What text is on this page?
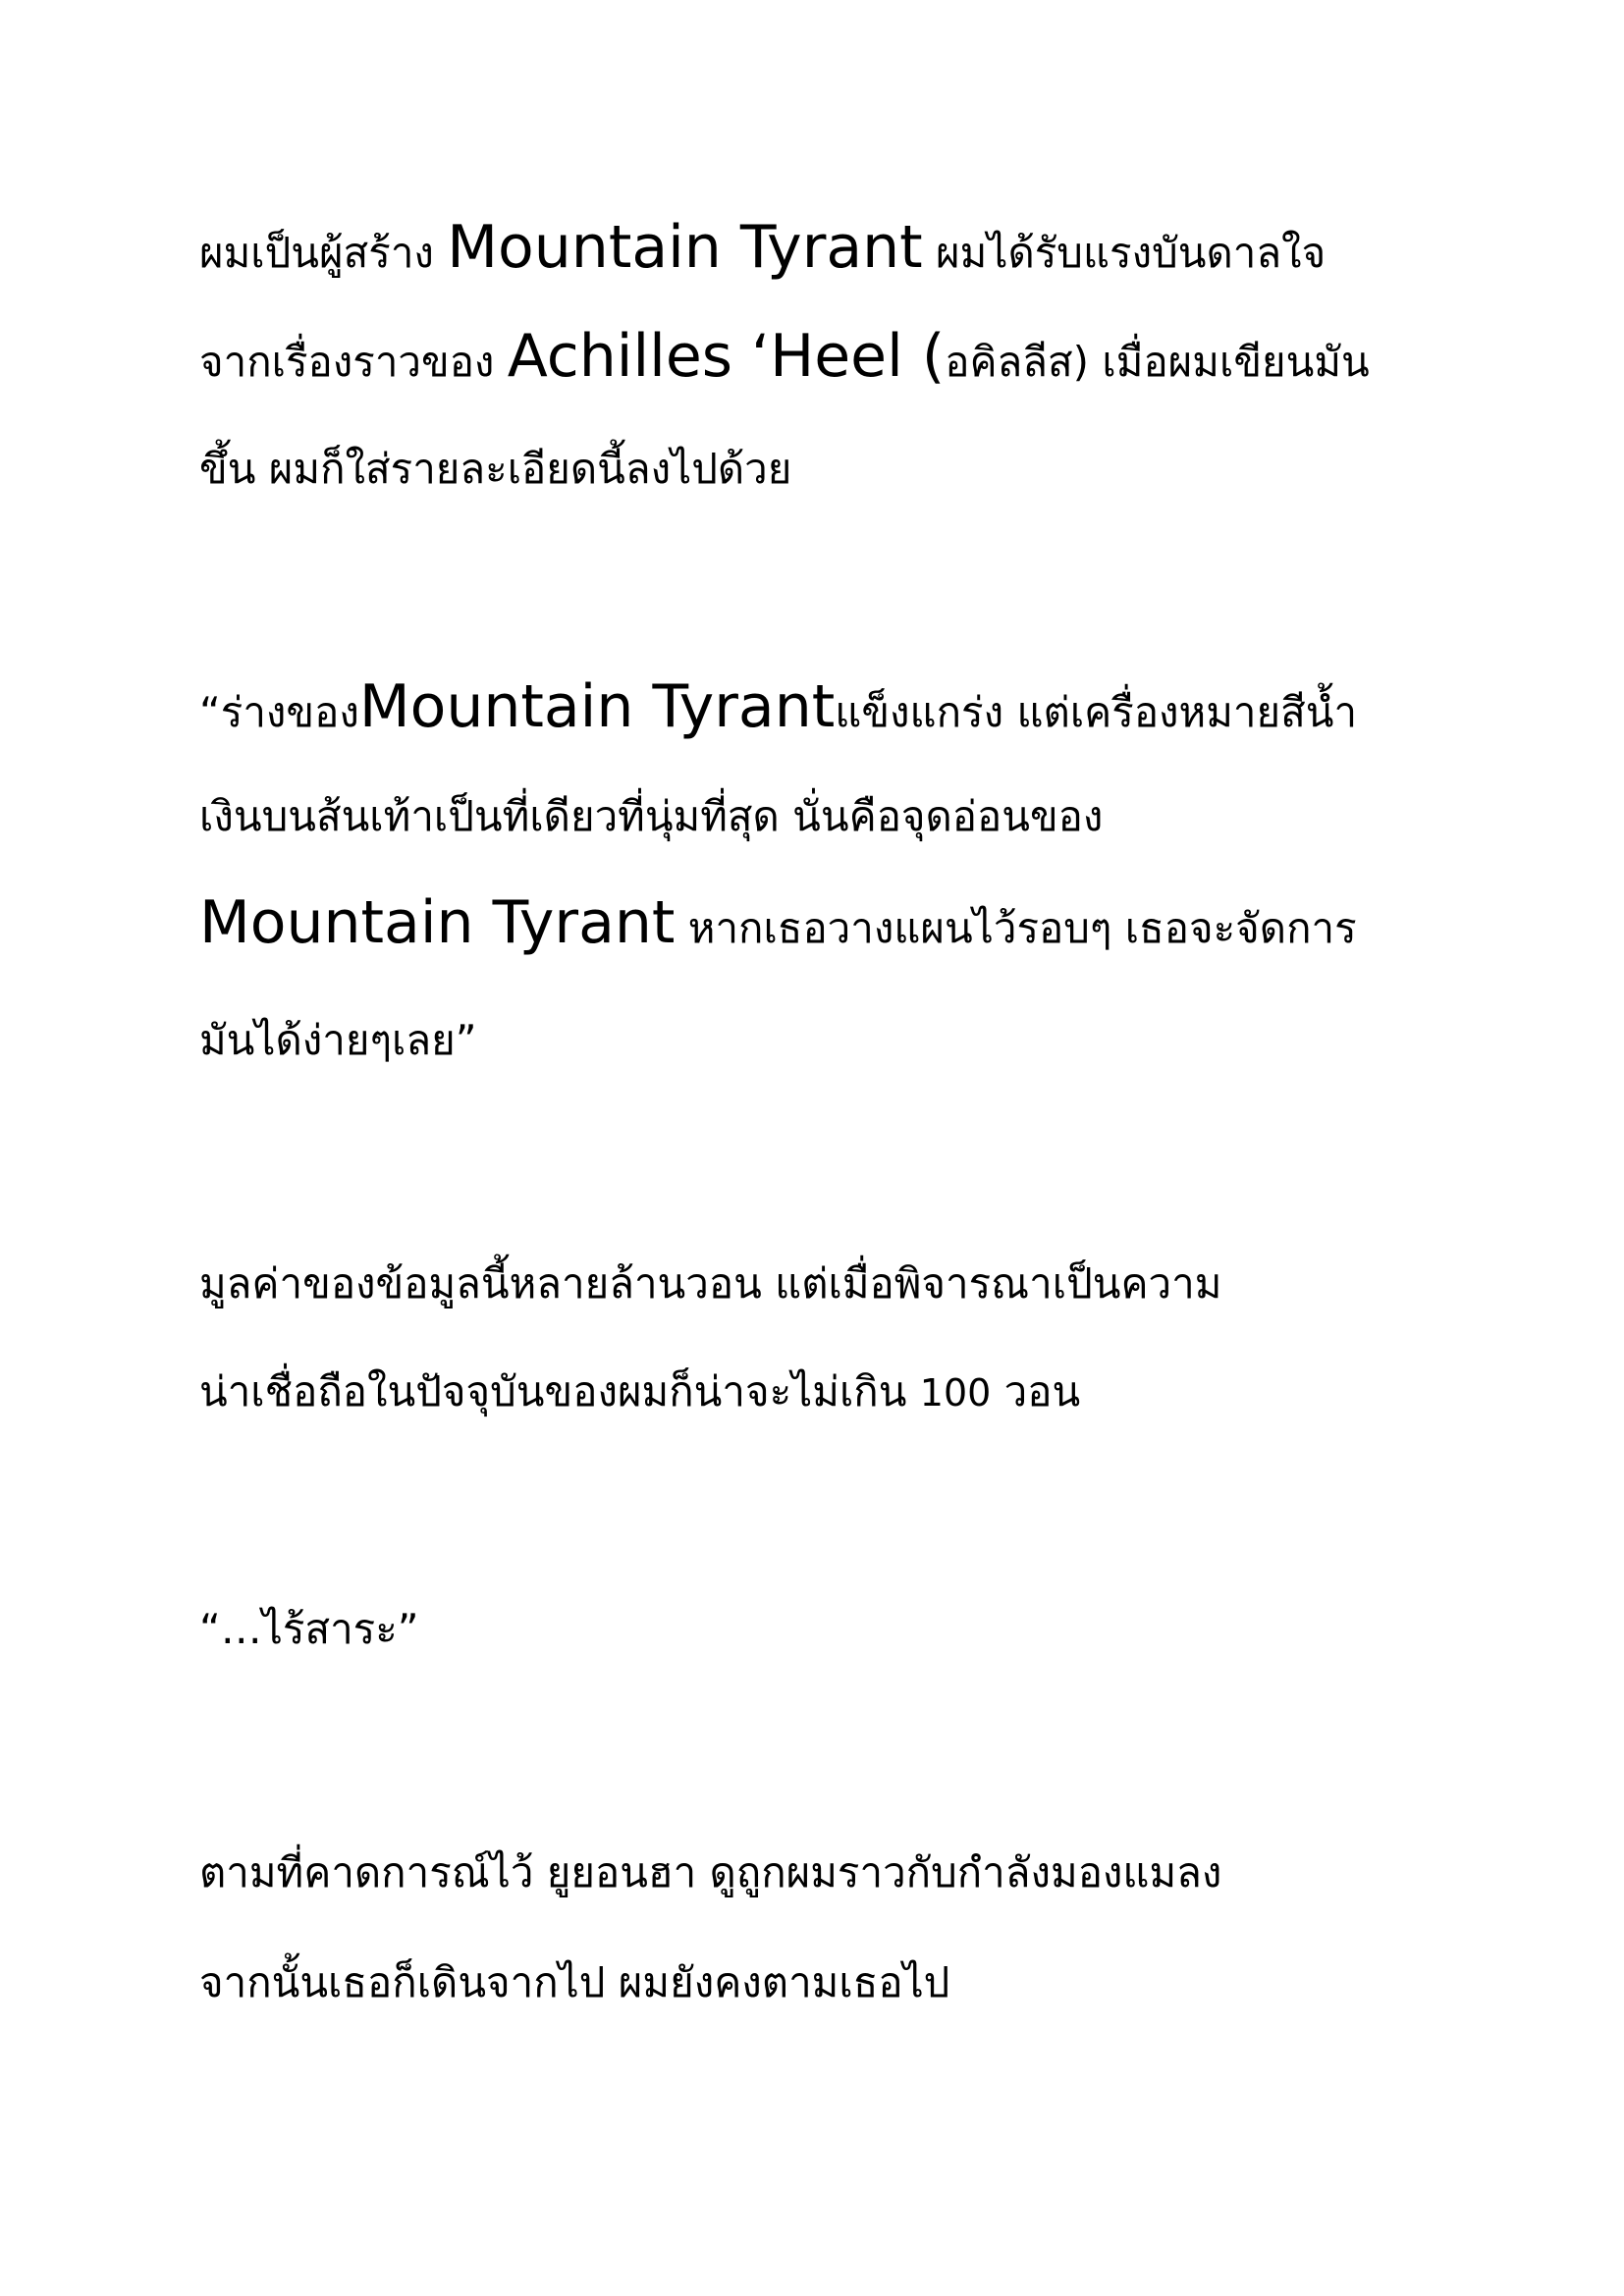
ผมเป็นผู้สร้าง Mountain Tyrant ผมได้รับแรงบันดาลใจ
จากเรื่องราวของ Achilles ‘Heel (อคิลลีส) เมื่อผมเขียนมัน
ขึ้น ผมก็ใส่รายละเอียดนี้ลงไปด้วย
“ร่างของMountain Tyrantแข็งแกร่ง แต่เครื่องหมายสีน้ำ
เงินบนส้นเท้าเป็นที่เดียวที่นุ่มที่สุด นั่นคือจุดอ่อนของ
Mountain Tyrant หากเธอวางแผนไว้รอบๆ เธอจะจัดการ
มันได้ง่ายๆเลย”
มูลค่าของข้อมูลนี้หลายล้านวอน แต่เมื่อพิจารณาเป็นความ
น่าเชื่อถือในปัจจุบันของผมก็น่าจะไม่เกิน 100 วอน
“…ไร้สาระ”
ตามที่คาดการณ์ไว้ ยูยอนฮา ดูถูกผมราวกับกำลังมองแมลง
จากนั้นเธอก็เดินจากไป ผมยังคงตามเธอไป
